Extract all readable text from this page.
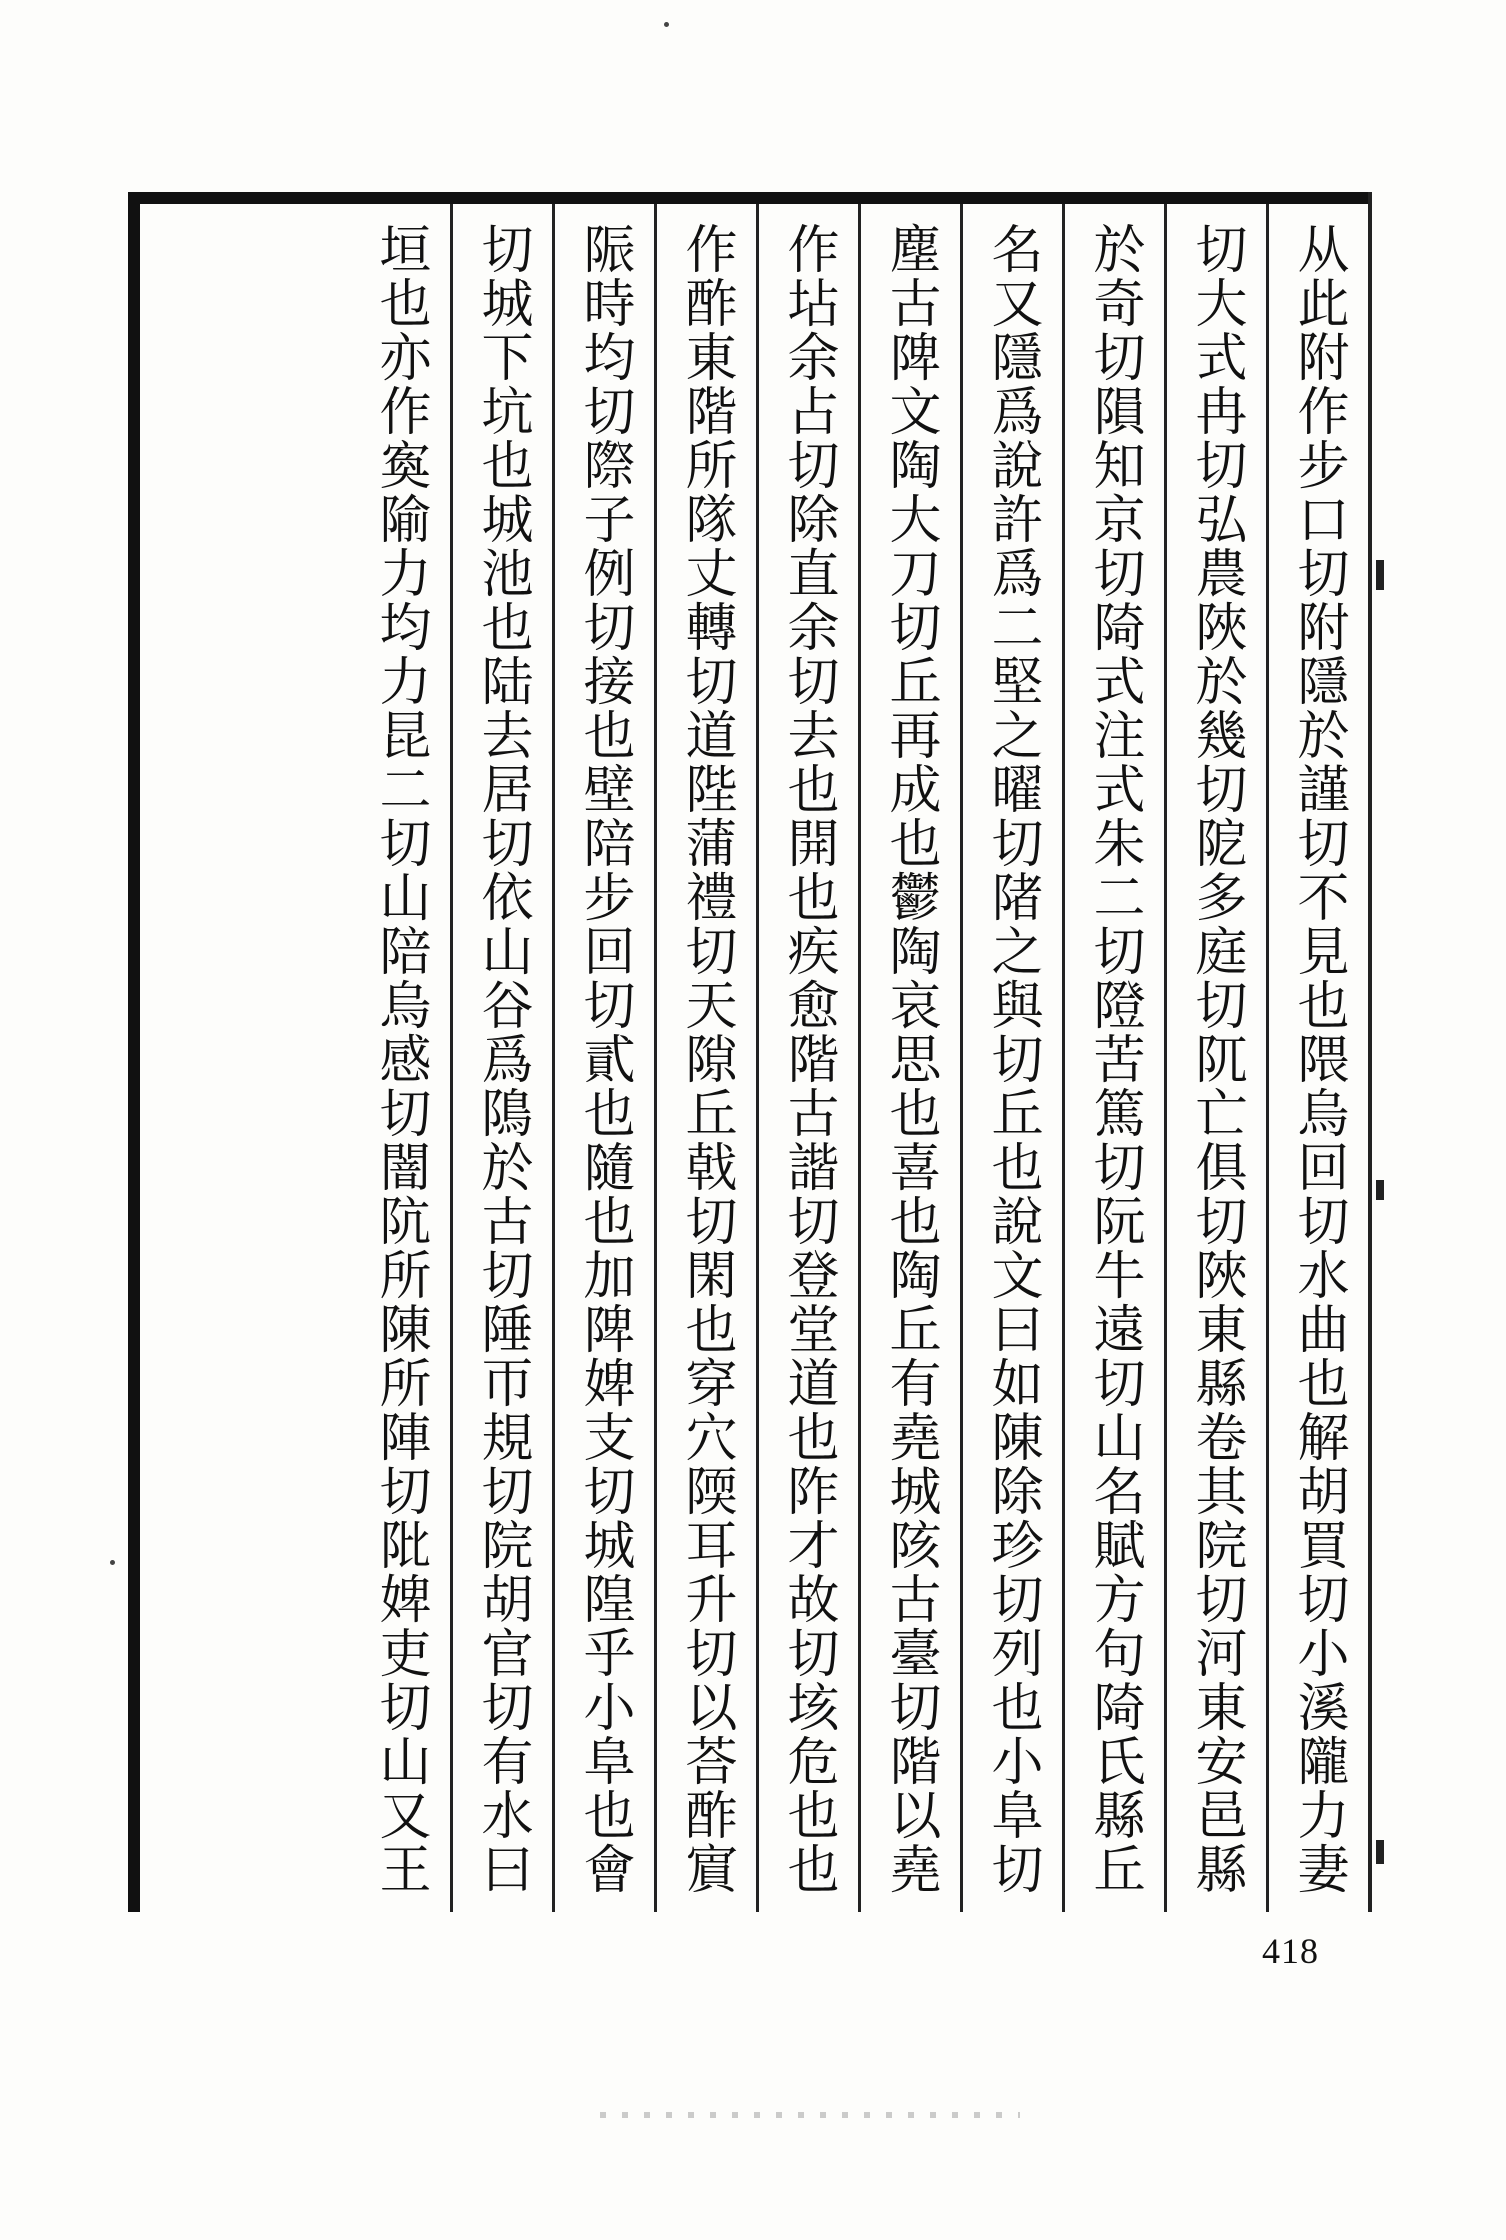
从此附作步口切附隱於謹切不見也隈烏回切水曲也解胡買切小溪隴力妻
切大式冉切弘農陜於幾切阸多庭切阢亡俱切陜東縣卷其院切河東安邑縣
於奇切隕知京切陭式注式朱二切隥苦篤切阮牛遠切山名賦方句陭氏縣丘
名又隱爲說許爲二堅之曜切陼之與切丘也說文曰如陳除珍切列也小阜切
塵古陴文陶大刀切丘再成也鬱陶哀思也喜也陶丘有堯城陔古臺切階以堯
作坫余占切除直余切去也開也疾愈階古諧切登堂道也阼才故切垓危也也
作酢東階所隊丈轉切道陛蒲禮切天隙丘戟切閑也穿穴陾耳升切以荅酢賔
陙時均切際子例切接也壁陪步回切貳也隨也加陴婢支切城隍乎小阜也會
切城下坑也城池也陆去居切依山谷爲隝於古切陲帀規切院胡官切有水曰
垣也亦作寏隃力均力昆二切山陪烏感切闇阬所陳所陣切阰婢吏切山又王
418
